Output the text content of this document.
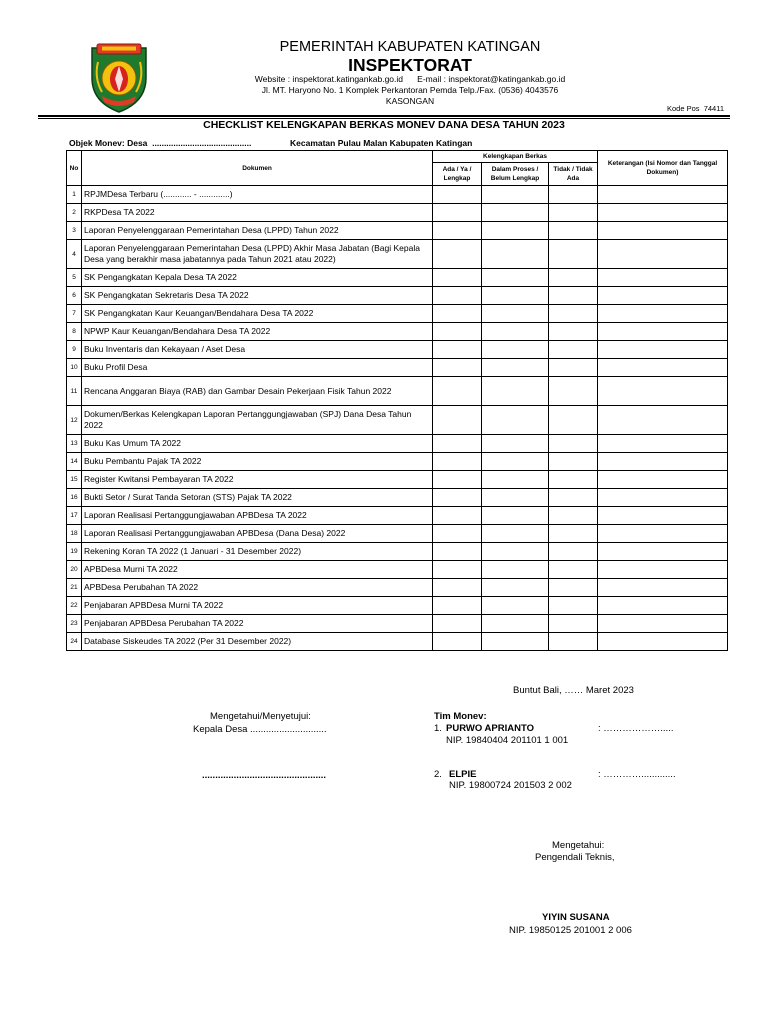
PEMERINTAH KABUPATEN KATINGAN
INSPEKTORAT
Website : inspektorat.katingankab.go.id      E-mail : inspektorat@katingankab.go.id
Jl. MT. Haryono No. 1 Komplek Perkantoran Pemda Telp./Fax. (0536) 4043576
KASONGAN
Kode Pos  74411
CHECKLIST KELENGKAPAN BERKAS MONEV DANA DESA TAHUN 2023
Objek Monev: Desa  ..........................................	Kecamatan Pulau Malan Kabupaten Katingan
No	Dokumen	Kelengkapan Berkas			Keterangan (Isi Nomor dan Tanggal Dokumen)
		Ada / Ya / Lengkap	Dalam Proses / Belum Lengkap	Tidak / Tidak Ada	
1	RPJMDesa Terbaru (............ - .............)				
2	RKPDesa TA 2022				
3	Laporan Penyelenggaraan Pemerintahan Desa (LPPD) Tahun 2022				
4	Laporan Penyelenggaraan Pemerintahan Desa (LPPD) Akhir Masa Jabatan (Bagi Kepala Desa yang berakhir masa jabatannya pada Tahun 2021 atau 2022)				
5	SK Pengangkatan Kepala Desa TA 2022				
6	SK Pengangkatan Sekretaris Desa TA 2022				
7	SK Pengangkatan Kaur Keuangan/Bendahara Desa TA 2022				
8	NPWP Kaur Keuangan/Bendahara Desa TA 2022				
9	Buku Inventaris dan Kekayaan / Aset Desa				
10	Buku Profil Desa				
11	Rencana Anggaran Biaya (RAB) dan Gambar Desain Pekerjaan Fisik Tahun 2022				
12	Dokumen/Berkas Kelengkapan Laporan Pertanggungjawaban (SPJ) Dana Desa Tahun 2022				
13	Buku Kas Umum TA 2022				
14	Buku Pembantu Pajak TA 2022				
15	Register Kwitansi Pembayaran TA 2022				
16	Bukti Setor / Surat Tanda Setoran (STS) Pajak TA 2022				
17	Laporan Realisasi Pertanggungjawaban APBDesa TA 2022				
18	Laporan Realisasi Pertanggungjawaban APBDesa (Dana Desa) 2022				
19	Rekening Koran TA 2022 (1 Januari - 31 Desember 2022)				
20	APBDesa Murni TA 2022				
21	APBDesa Perubahan TA 2022				
22	Penjabaran APBDesa Murni TA 2022				
23	Penjabaran APBDesa Perubahan TA 2022				
24	Database Siskeudes TA 2022 (Per 31 Desember 2022)				
Buntut Bali, …… Maret 2023
Mengetahui/Menyetujui:
Kepala Desa .............................
...............................................
Tim Monev:
1. PURWO APRIANTO	: ……………….....
NIP. 19840404 201101 1 001
2. ELPIE	: ………….............
NIP. 19800724 201503 2 002
Mengetahui:
Pengendali Teknis,
YIYIN SUSANA
NIP. 19850125 201001 2 006
